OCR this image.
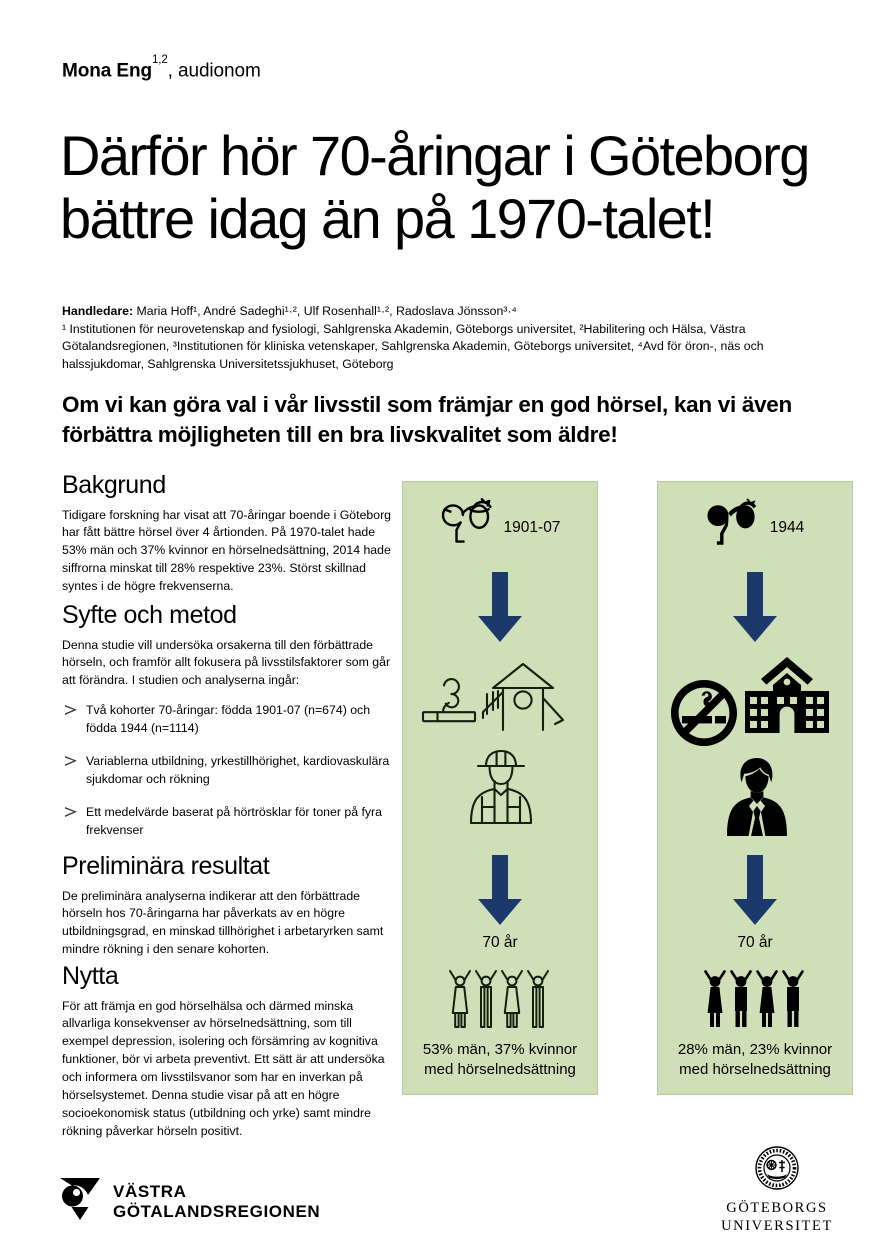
Mona Eng$^{1,2}$, audionom
Därför hör 70-åringar i Göteborg bättre idag än på 1970-talet!
Handledare: Maria Hoff¹, André Sadeghi¹·², Ulf Rosenhall¹·², Radoslava Jönsson³·⁴
¹ Institutionen för neurovetenskap and fysiologi, Sahlgrenska Akademin, Göteborgs universitet, ²Habilitering och Hälsa, Västra Götalandsregionen, ³Institutionen för kliniska vetenskaper, Sahlgrenska Akademin, Göteborgs universitet, ⁴Avd för öron-, näs och halssjukdomar, Sahlgrenska Universitetssjukhuset, Göteborg
Om vi kan göra val i vår livsstil som främjar en god hörsel, kan vi även förbättra möjligheten till en bra livskvalitet som äldre!
Bakgrund

Tidigare forskning har visat att 70-åringar boende i Göteborg har fått bättre hörsel över 4 årtionden. På 1970-talet hade 53% män och 37% kvinnor en hörselnedsättning, 2014 hade siffrorna minskat till 28% respektive 23%. Störst skillnad syntes i de högre frekvenserna.

Syfte och metod

Denna studie vill undersöka orsakerna till den förbättrade hörseln, och framför allt fokusera på livsstilsfaktorer som går att förändra. I studien och analyserna ingår:

Två kohorter 70-åringar: födda 1901-07 (n=674) och födda 1944 (n=1114)
Variablerna utbildning, yrkestillhörighet, kardiovaskulära sjukdomar och rökning
Ett medelvärde baserat på hörtrösklar för toner på fyra frekvenser
Preliminära resultat

De preliminära analyserna indikerar att den förbättrade hörseln hos 70-åringarna har påverkats av en högre utbildningsgrad, en minskad tillhörighet i arbetaryrken samt mindre rökning i den senare kohorten.

Nytta

För att främja en god hörselhälsa och därmed minska allvarliga konsekvenser av hörselnedsättning, som till exempel depression, isolering och försämring av kognitiva funktioner, bör vi arbeta preventivt. Ett sätt är att undersöka och informera om livsstilsvanor som har en inverkan på hörselsystemet. Denna studie visar på att en högre socioekonomisk status (utbildning och yrke) samt mindre rökning påverkar hörseln positivt.

1901-07
70 år
53% män, 37% kvinnor med hörselnedsättning
1944
70 år
28% män, 23% kvinnor med hörselnedsättning
VÄSTRA
GÖTALANDSREGIONEN	GÖTEBORGS
UNIVERSITET
